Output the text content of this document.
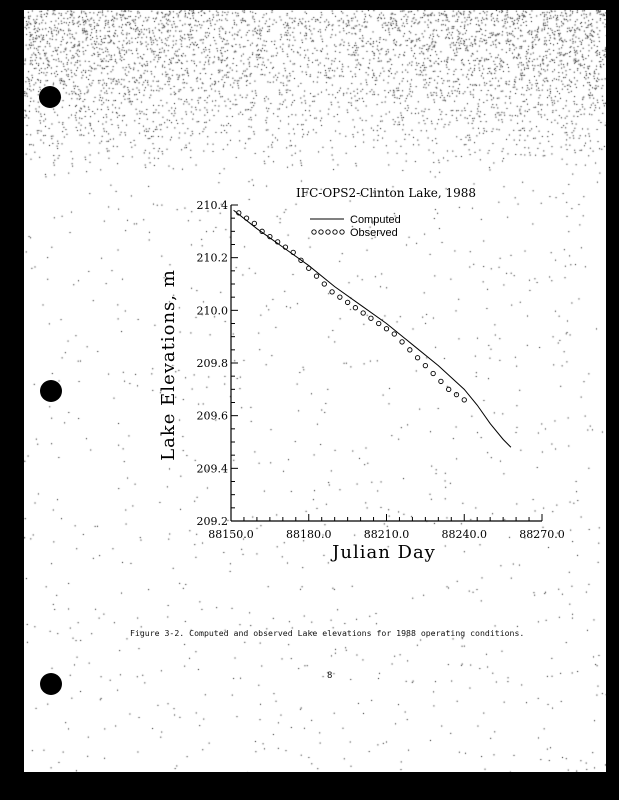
IFC-OPS2-Clinton Lake, 1988
88150.0	88180.0	88210.0	88240.0	88270.0
209.2
209.4
209.6
209.8
210.0
210.2
210.4
Computed
Observed
Julian Day
Lake Elevations, m
Figure 3-2. Computed and observed Lake elevations for 1988 operating conditions.
8
